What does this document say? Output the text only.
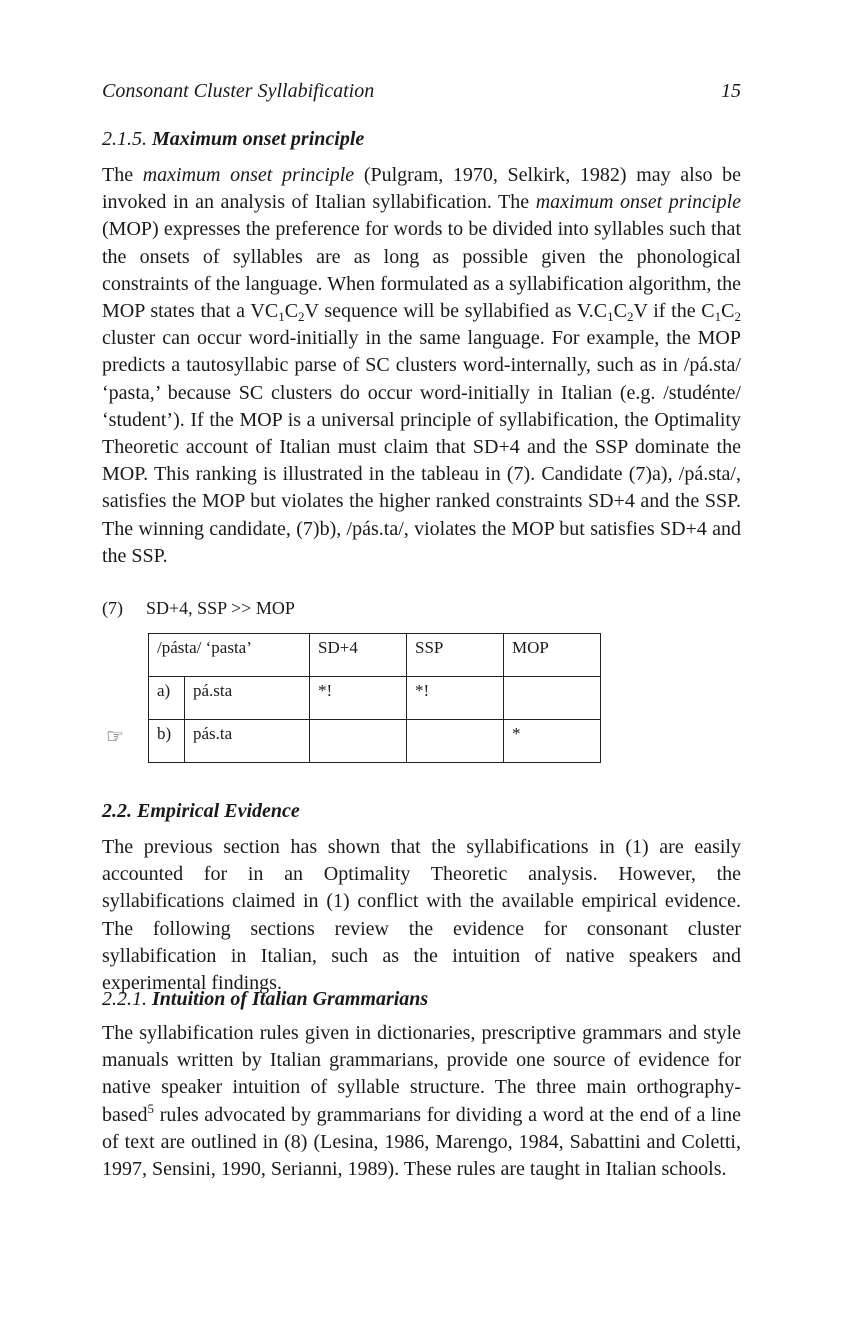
Consonant Cluster Syllabification	15
2.1.5. Maximum onset principle

The maximum onset principle (Pulgram, 1970, Selkirk, 1982) may also be invoked in an analysis of Italian syllabification. The maximum onset principle (MOP) expresses the preference for words to be divided into syllables such that the onsets of syllables are as long as possible given the phonological constraints of the language. When formulated as a syllabification algorithm, the MOP states that a $VC_1C_2V$ sequence will be syllabified as $V.C_1C_2V$ if the $C_1C_2$ cluster can occur word-initially in the same language. For example, the MOP predicts a tautosyllabic parse of SC clusters word-internally, such as in /pá.sta/ ‘pasta,’ because SC clusters do occur word-initially in Italian (e.g. /studénte/ ‘student’). If the MOP is a universal principle of syllabification, the Optimality Theoretic account of Italian must claim that SD+4 and the SSP dominate the MOP. This ranking is illustrated in the tableau in (7). Candidate (7)a), /pá.sta/, satisfies the MOP but violates the higher ranked constraints SD+4 and the SSP. The winning candidate, (7)b), /pás.ta/, violates the MOP but satisfies SD+4 and the SSP.

(7) SD+4, SSP >> MOP
/pásta/ ‘pasta’		SD+4	SSP	MOP
a)	pá.sta	*!	*!	
b)	pás.ta			*
☞
2.2. Empirical Evidence

The previous section has shown that the syllabifications in (1) are easily accounted for in an Optimality Theoretic analysis. However, the syllabifications claimed in (1) conflict with the available empirical evidence. The following sections review the evidence for consonant cluster syllabification in Italian, such as the intuition of native speakers and experimental findings.

2.2.1. Intuition of Italian Grammarians

The syllabification rules given in dictionaries, prescriptive grammars and style manuals written by Italian grammarians, provide one source of evidence for native speaker intuition of syllable structure. The three main orthography-based$^5$ rules advocated by grammarians for dividing a word at the end of a line of text are outlined in (8) (Lesina, 1986, Marengo, 1984, Sabattini and Coletti, 1997, Sensini, 1990, Serianni, 1989). These rules are taught in Italian schools.
